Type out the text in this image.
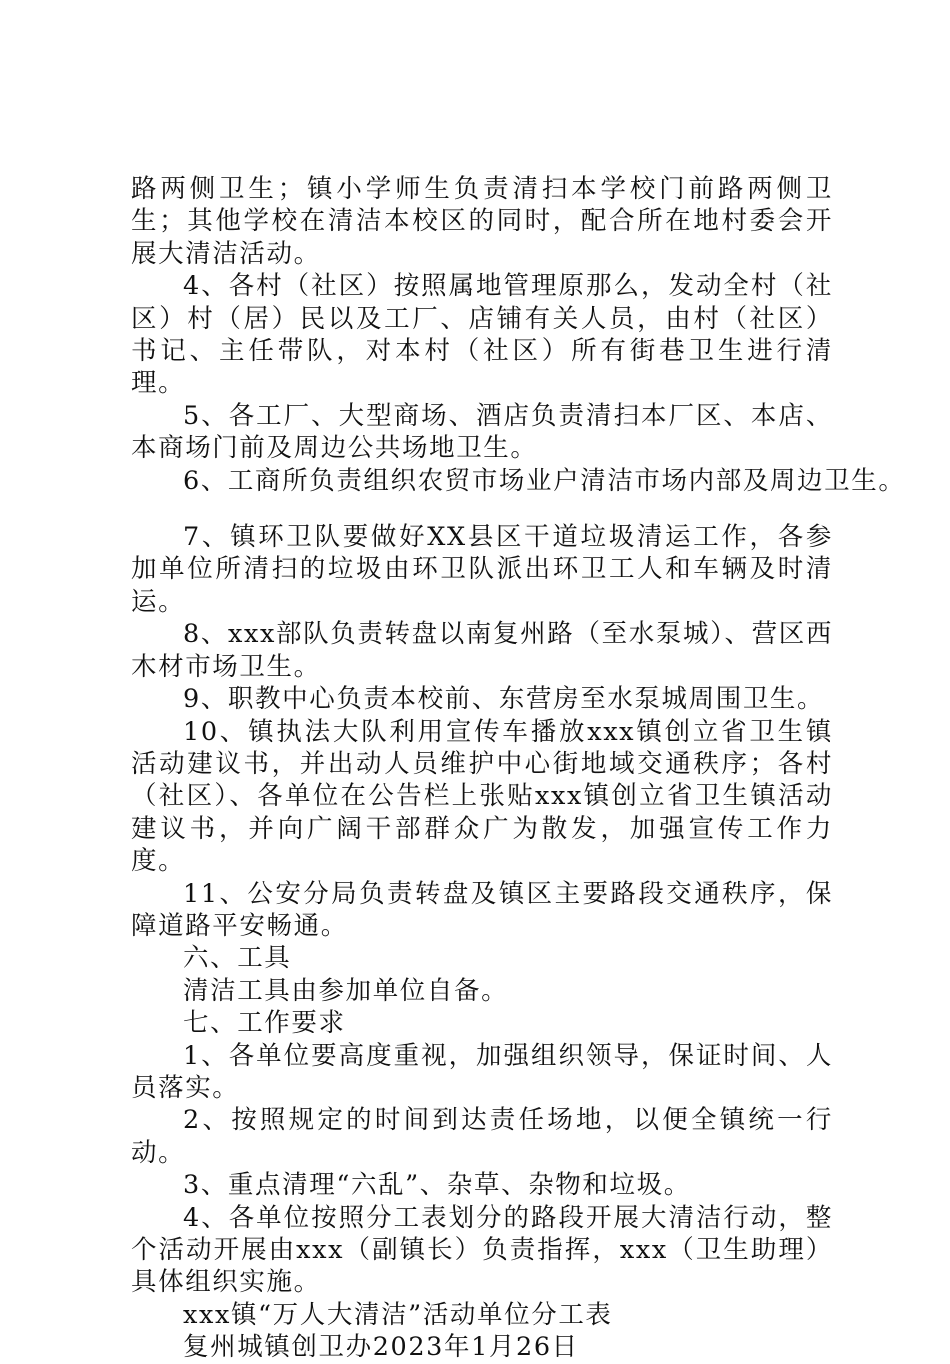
路两侧卫生；镇小学师生负责清扫本学校门前路两侧卫生；其他学校在清洁本校区的同时，配合所在地村委会开展大清洁活动。

4、各村（社区）按照属地管理原那么，发动全村（社区）村（居）民以及工厂、店铺有关人员，由村（社区）书记、主任带队，对本村（社区）所有街巷卫生进行清理。

5、各工厂、大型商场、酒店负责清扫本厂区、本店、本商场门前及周边公共场地卫生。

6、工商所负责组织农贸市场业户清洁市场内部及周边卫生。

7、镇环卫队要做好XX县区干道垃圾清运工作，各参加单位所清扫的垃圾由环卫队派出环卫工人和车辆及时清运。

8、xxx部队负责转盘以南复州路（至水泵城）、营区西木材市场卫生。

9、职教中心负责本校前、东营房至水泵城周围卫生。

10、镇执法大队利用宣传车播放xxx镇创立省卫生镇活动建议书，并出动人员维护中心街地域交通秩序；各村（社区）、各单位在公告栏上张贴xxx镇创立省卫生镇活动建议书，并向广阔干部群众广为散发，加强宣传工作力度。

11、公安分局负责转盘及镇区主要路段交通秩序，保障道路平安畅通。

六、工具

清洁工具由参加单位自备。

七、工作要求

1、各单位要高度重视，加强组织领导，保证时间、人员落实。

2、按照规定的时间到达责任场地，以便全镇统一行动。

3、重点清理“六乱”、杂草、杂物和垃圾。

4、各单位按照分工表划分的路段开展大清洁行动，整个活动开展由xxx（副镇长）负责指挥，xxx（卫生助理）具体组织实施。

xxx镇“万人大清洁”活动单位分工表

复州城镇创卫办2023年1月26日
